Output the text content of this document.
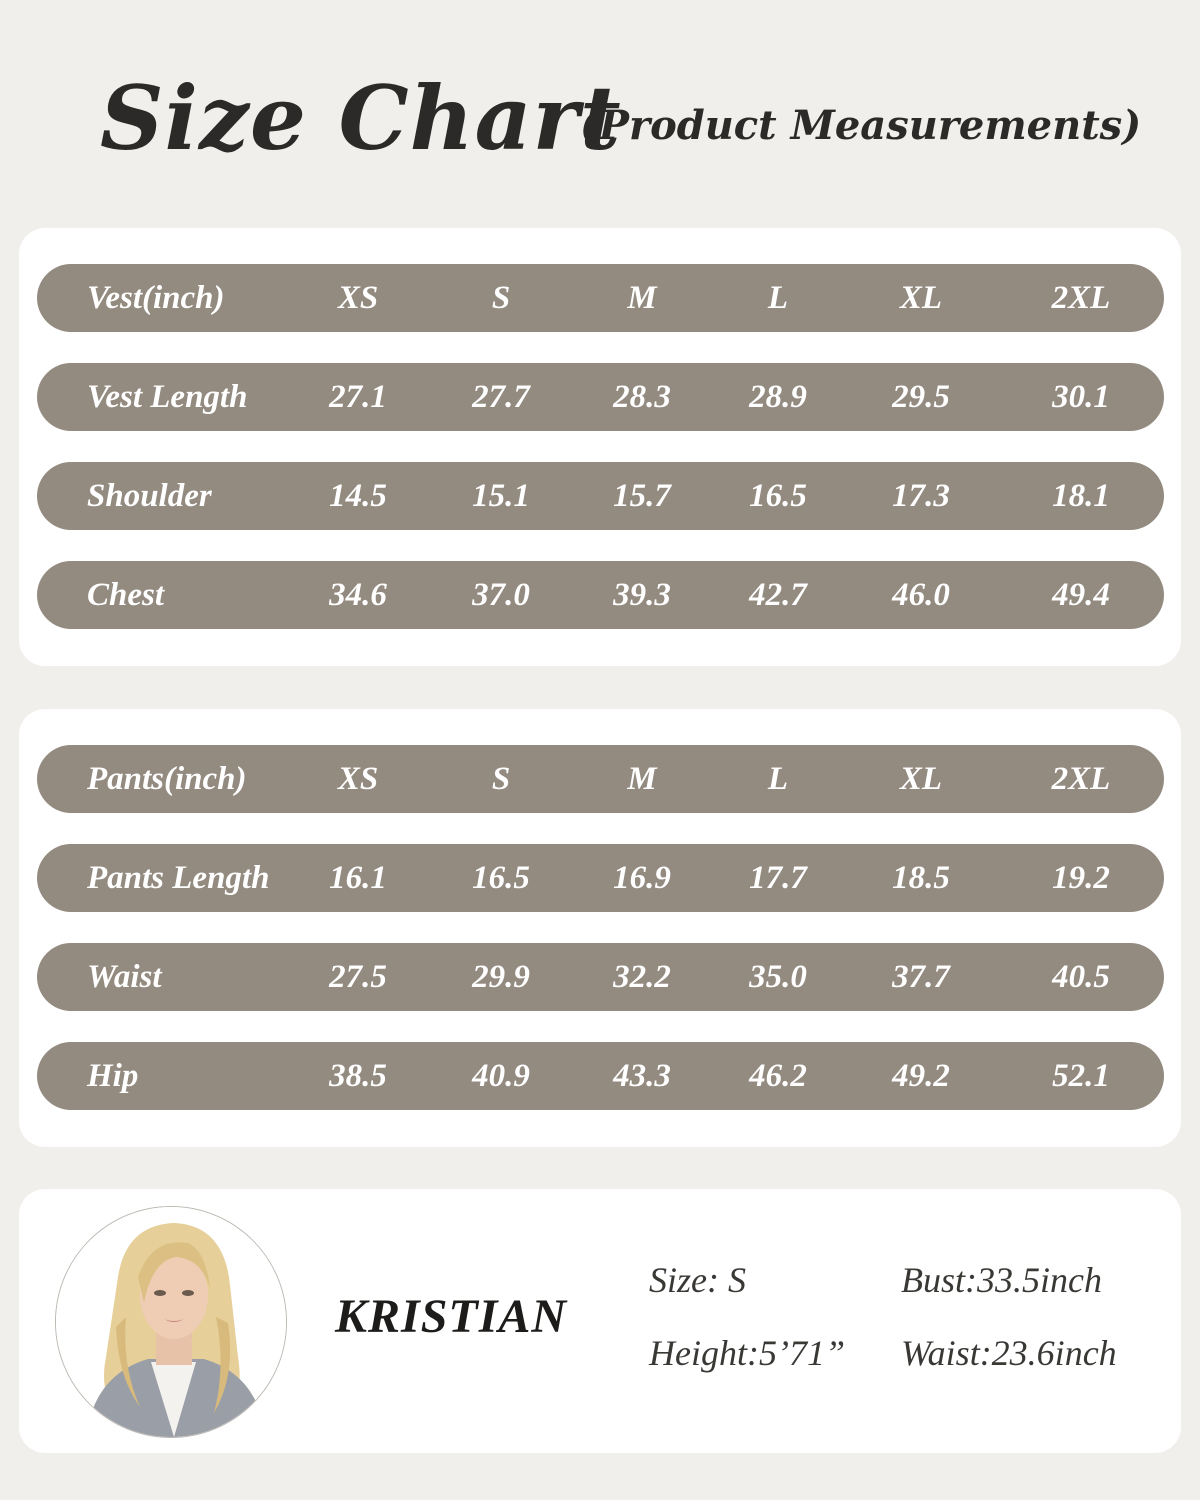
Size Chart
(Product Measurements)
Vest(inch)	XS	S	M	L	XL	2XL
Vest Length	27.1	27.7	28.3	28.9	29.5	30.1
Shoulder	14.5	15.1	15.7	16.5	17.3	18.1
Chest	34.6	37.0	39.3	42.7	46.0	49.4
Pants(inch)	XS	S	M	L	XL	2XL
Pants Length	16.1	16.5	16.9	17.7	18.5	19.2
Waist	27.5	29.9	32.2	35.0	37.7	40.5
Hip	38.5	40.9	43.3	46.2	49.2	52.1
KRISTIAN
Size: S	Bust:33.5inch
Height:5’71” Waist:23.6inch
